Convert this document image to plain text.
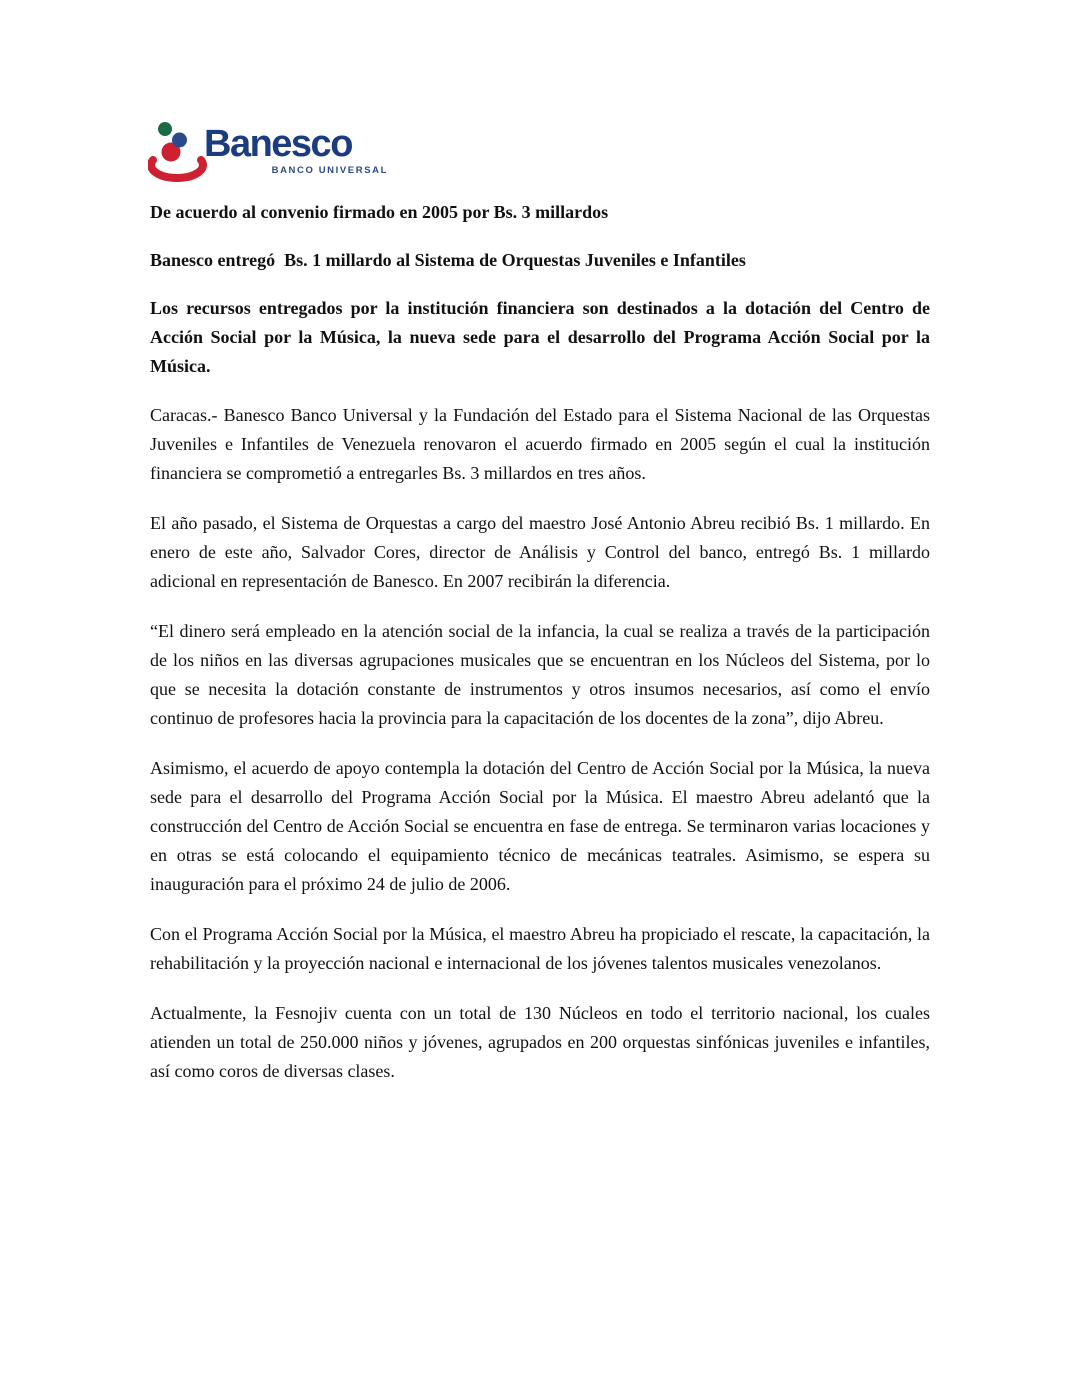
Banesco
BANCO UNIVERSAL
De acuerdo al convenio firmado en 2005 por Bs. 3 millardos
Banesco entregó  Bs. 1 millardo al Sistema de Orquestas Juveniles e Infantiles
Los recursos entregados por la institución financiera son destinados a la dotación del Centro de Acción Social por la Música, la nueva sede para el desarrollo del Programa Acción Social por la Música.

Caracas.- Banesco Banco Universal y la Fundación del Estado para el Sistema Nacional de las Orquestas Juveniles e Infantiles de Venezuela renovaron el acuerdo firmado en 2005 según el cual la institución financiera se comprometió a entregarles Bs. 3 millardos en tres años.

El año pasado, el Sistema de Orquestas a cargo del maestro José Antonio Abreu recibió Bs. 1 millardo. En enero de este año, Salvador Cores, director de Análisis y Control del banco, entregó Bs. 1 millardo adicional en representación de Banesco. En 2007 recibirán la diferencia.

“El dinero será empleado en la atención social de la infancia, la cual se realiza a través de la participación de los niños en las diversas agrupaciones musicales que se encuentran en los Núcleos del Sistema, por lo que se necesita la dotación constante de instrumentos y otros insumos necesarios, así como el envío continuo de profesores hacia la provincia para la capacitación de los docentes de la zona”, dijo Abreu.

Asimismo, el acuerdo de apoyo contempla la dotación del Centro de Acción Social por la Música, la nueva sede para el desarrollo del Programa Acción Social por la Música. El maestro Abreu adelantó que la construcción del Centro de Acción Social se encuentra en fase de entrega. Se terminaron varias locaciones y en otras se está colocando el equipamiento técnico de mecánicas teatrales. Asimismo, se espera su inauguración para el próximo 24 de julio de 2006.

Con el Programa Acción Social por la Música, el maestro Abreu ha propiciado el rescate, la capacitación, la rehabilitación y la proyección nacional e internacional de los jóvenes talentos musicales venezolanos.

Actualmente, la Fesnojiv cuenta con un total de 130 Núcleos en todo el territorio nacional, los cuales atienden un total de 250.000 niños y jóvenes, agrupados en 200 orquestas sinfónicas juveniles e infantiles, así como coros de diversas clases.
